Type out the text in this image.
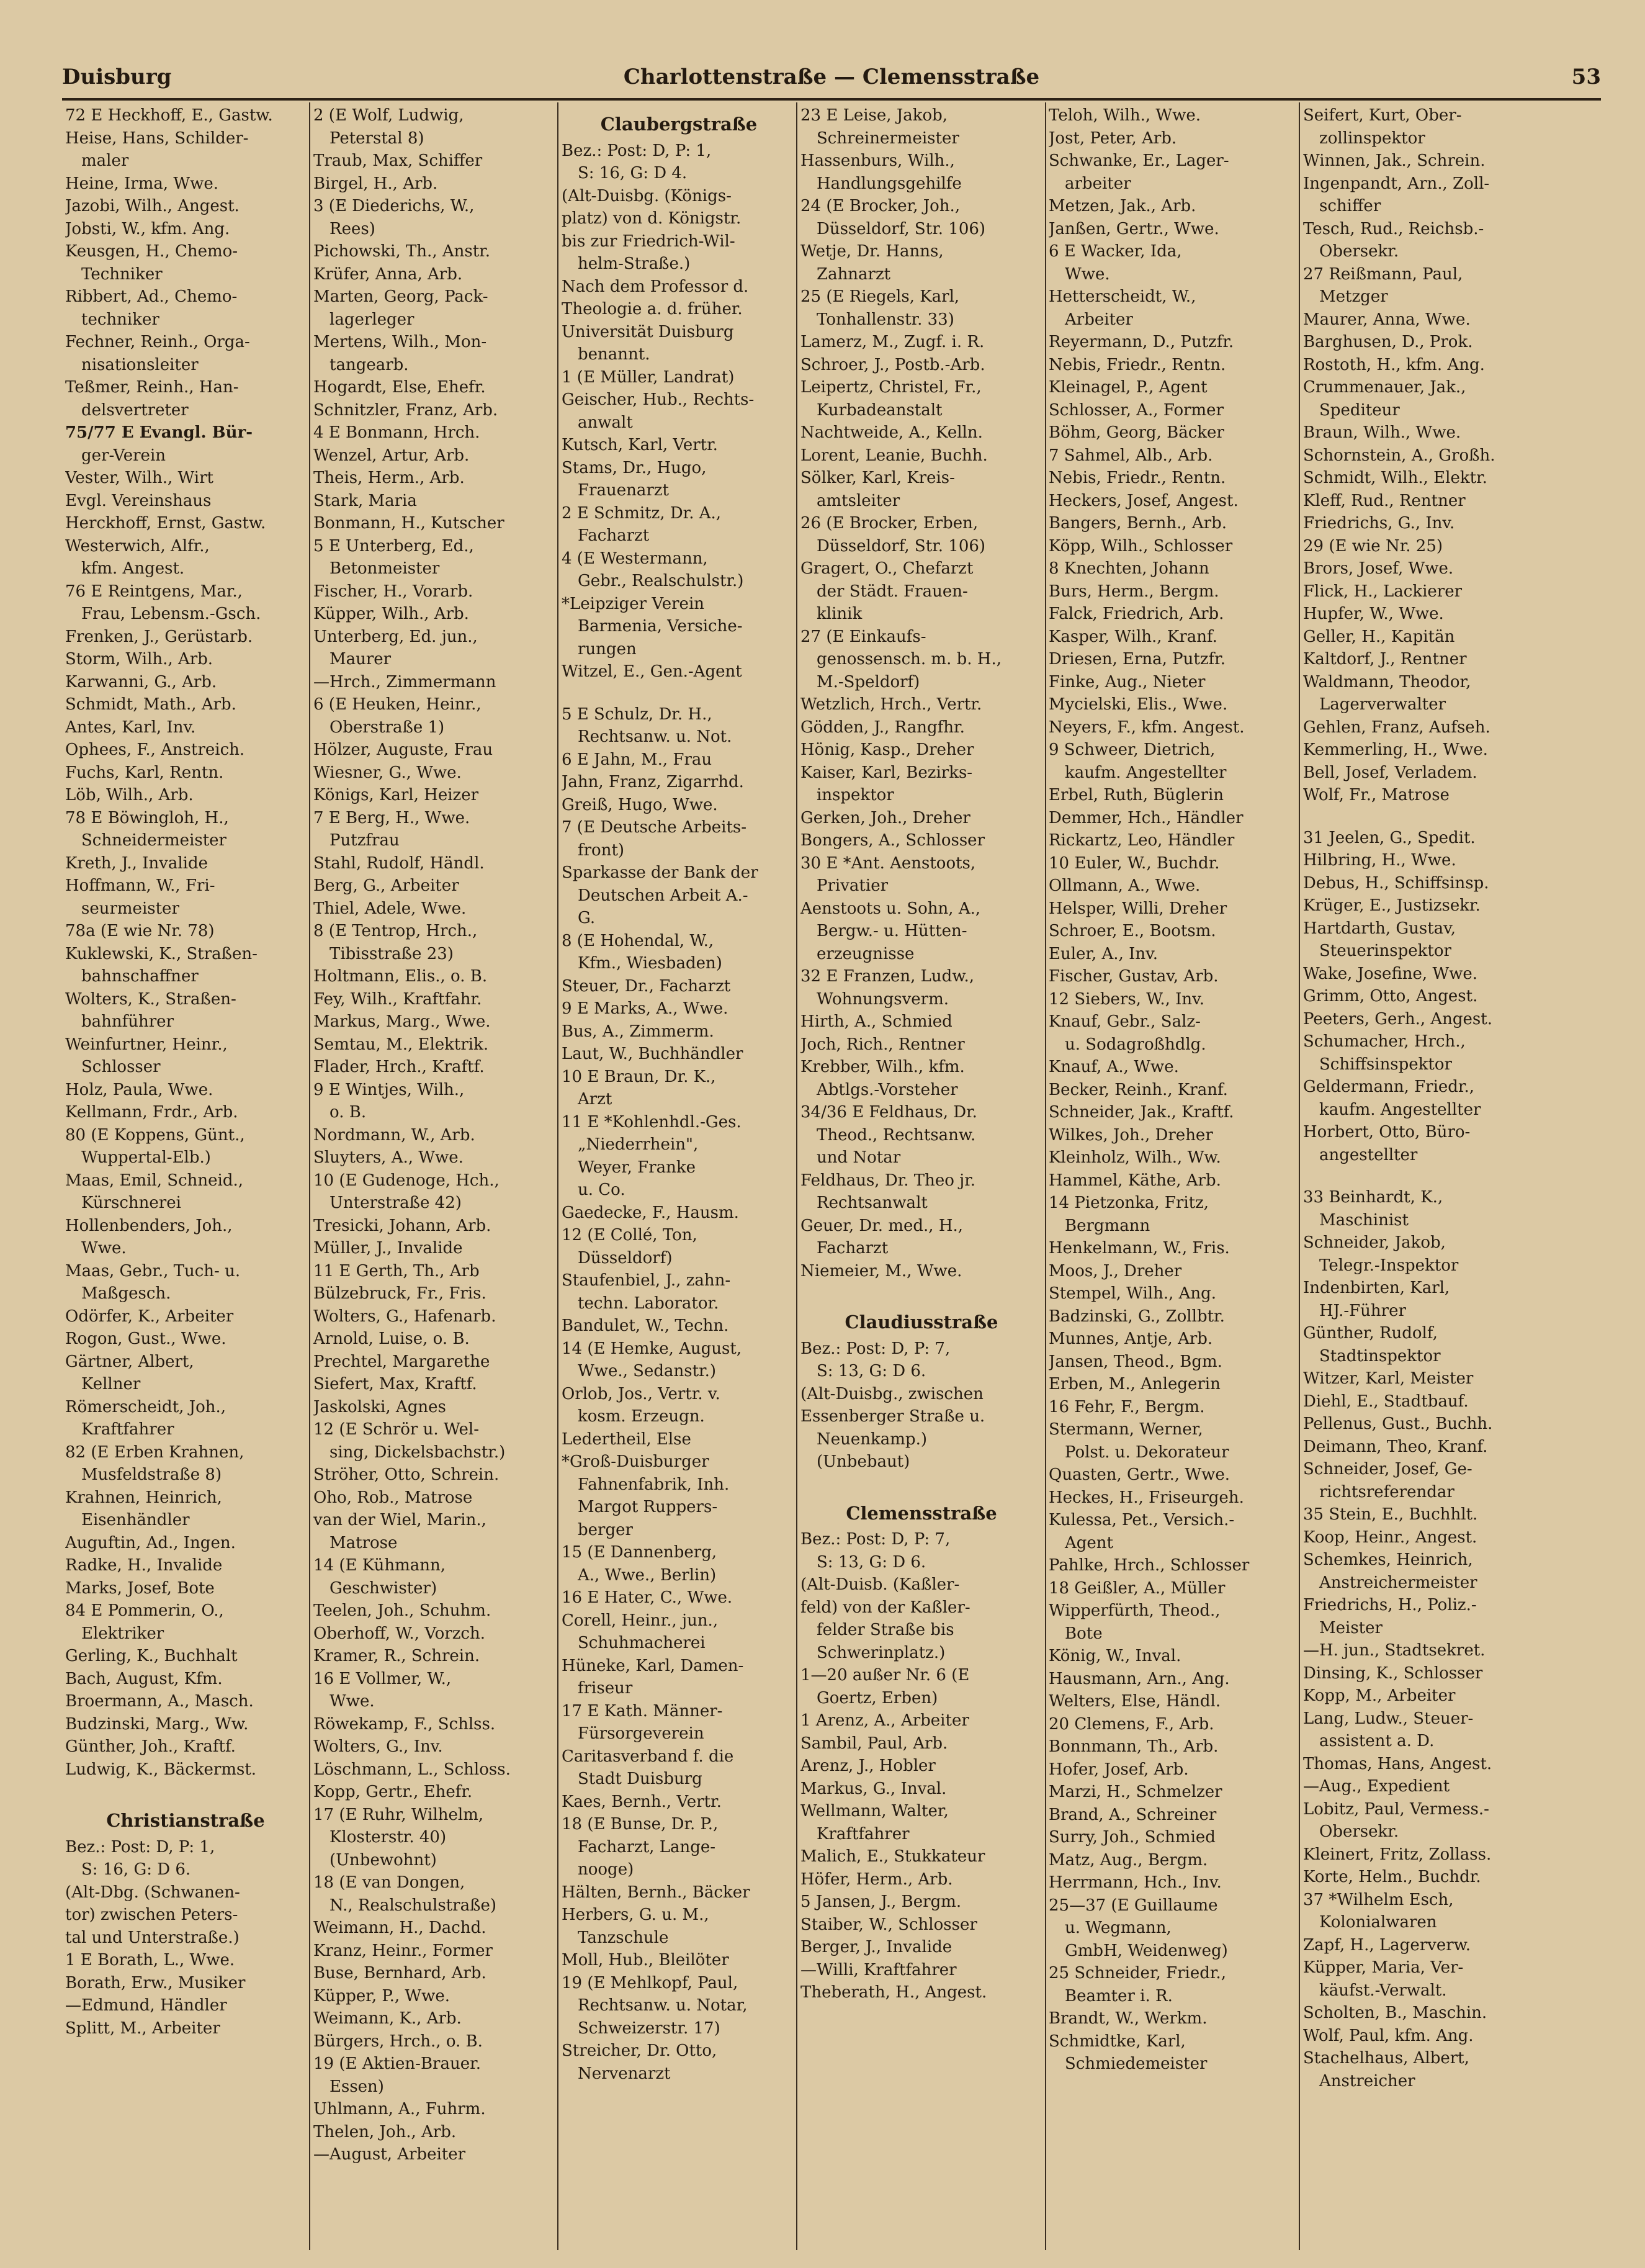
Duisburg	Charlottenstraße — Clemensstraße	53
72 E Heckhoff, E., Gastw.
Heise, Hans, Schilder-
maler
Heine, Irma, Wwe.
Jazobi, Wilh., Angest.
Jobsti, W., kfm. Ang.
Keusgen, H., Chemo-
Techniker
Ribbert, Ad., Chemo-
techniker
Fechner, Reinh., Orga-
nisationsleiter
Teßmer, Reinh., Han-
delsvertreter
75/77 E Evangl. Bür-
ger-Verein
Vester, Wilh., Wirt
Evgl. Vereinshaus
Herckhoff, Ernst, Gastw.
Westerwich, Alfr.,
kfm. Angest.
76 E Reintgens, Mar.,
Frau, Lebensm.-Gsch.
Frenken, J., Gerüstarb.
Storm, Wilh., Arb.
Karwanni, G., Arb.
Schmidt, Math., Arb.
Antes, Karl, Inv.
Ophees, F., Anstreich.
Fuchs, Karl, Rentn.
Löb, Wilh., Arb.
78 E Böwingloh, H.,
Schneidermeister
Kreth, J., Invalide
Hoffmann, W., Fri-
seurmeister
78a (E wie Nr. 78)
Kuklewski, K., Straßen-
bahnschaffner
Wolters, K., Straßen-
bahnführer
Weinfurtner, Heinr.,
Schlosser
Holz, Paula, Wwe.
Kellmann, Frdr., Arb.
80 (E Koppens, Günt.,
Wuppertal-Elb.)
Maas, Emil, Schneid.,
Kürschnerei
Hollenbenders, Joh.,
Wwe.
Maas, Gebr., Tuch- u.
Maßgesch.
Odörfer, K., Arbeiter
Rogon, Gust., Wwe.
Gärtner, Albert,
Kellner
Römerscheidt, Joh.,
Kraftfahrer
82 (E Erben Krahnen,
Musfeldstraße 8)
Krahnen, Heinrich,
Eisenhändler
Auguftin, Ad., Ingen.
Radke, H., Invalide
Marks, Josef, Bote
84 E Pommerin, O.,
Elektriker
Gerling, K., Buchhalt
Bach, August, Kfm.
Broermann, A., Masch.
Budzinski, Marg., Ww.
Günther, Joh., Kraftf.
Ludwig, K., Bäckermst.
Christianstraße
Bez.: Post: D, P: 1,
S: 16, G: D 6.
(Alt-Dbg. (Schwanen-
tor) zwischen Peters-
tal und Unterstraße.)
1 E Borath, L., Wwe.
Borath, Erw., Musiker
—Edmund, Händler
Splitt, M., Arbeiter
2 (E Wolf, Ludwig,
Peterstal 8)
Traub, Max, Schiffer
Birgel, H., Arb.
3 (E Diederichs, W.,
Rees)
Pichowski, Th., Anstr.
Krüfer, Anna, Arb.
Marten, Georg, Pack-
lagerleger
Mertens, Wilh., Mon-
tangearb.
Hogardt, Else, Ehefr.
Schnitzler, Franz, Arb.
4 E Bonmann, Hrch.
Wenzel, Artur, Arb.
Theis, Herm., Arb.
Stark, Maria
Bonmann, H., Kutscher
5 E Unterberg, Ed.,
Betonmeister
Fischer, H., Vorarb.
Küpper, Wilh., Arb.
Unterberg, Ed. jun.,
Maurer
—Hrch., Zimmermann
6 (E Heuken, Heinr.,
Oberstraße 1)
Hölzer, Auguste, Frau
Wiesner, G., Wwe.
Königs, Karl, Heizer
7 E Berg, H., Wwe.
Putzfrau
Stahl, Rudolf, Händl.
Berg, G., Arbeiter
Thiel, Adele, Wwe.
8 (E Tentrop, Hrch.,
Tibisstraße 23)
Holtmann, Elis., o. B.
Fey, Wilh., Kraftfahr.
Markus, Marg., Wwe.
Semtau, M., Elektrik.
Flader, Hrch., Kraftf.
9 E Wintjes, Wilh.,
o. B.
Nordmann, W., Arb.
Sluyters, A., Wwe.
10 (E Gudenoge, Hch.,
Unterstraße 42)
Tresicki, Johann, Arb.
Müller, J., Invalide
11 E Gerth, Th., Arb
Bülzebruck, Fr., Fris.
Wolters, G., Hafenarb.
Arnold, Luise, o. B.
Prechtel, Margarethe
Siefert, Max, Kraftf.
Jaskolski, Agnes
12 (E Schrör u. Wel-
sing, Dickelsbachstr.)
Ströher, Otto, Schrein.
Oho, Rob., Matrose
van der Wiel, Marin.,
Matrose
14 (E Kühmann,
Geschwister)
Teelen, Joh., Schuhm.
Oberhoff, W., Vorzch.
Kramer, R., Schrein.
16 E Vollmer, W.,
Wwe.
Röwekamp, F., Schlss.
Wolters, G., Inv.
Löschmann, L., Schloss.
Kopp, Gertr., Ehefr.
17 (E Ruhr, Wilhelm,
Klosterstr. 40)
(Unbewohnt)
18 (E van Dongen,
N., Realschulstraße)
Weimann, H., Dachd.
Kranz, Heinr., Former
Buse, Bernhard, Arb.
Küpper, P., Wwe.
Weimann, K., Arb.
Bürgers, Hrch., o. B.
19 (E Aktien-Brauer.
Essen)
Uhlmann, A., Fuhrm.
Thelen, Joh., Arb.
—August, Arbeiter
Claubergstraße
Bez.: Post: D, P: 1,
S: 16, G: D 4.
(Alt-Duisbg. (Königs-
platz) von d. Königstr.
bis zur Friedrich-Wil-
helm-Straße.)
Nach dem Professor d.
Theologie a. d. früher.
Universität Duisburg
benannt.
1 (E Müller, Landrat)
Geischer, Hub., Rechts-
anwalt
Kutsch, Karl, Vertr.
Stams, Dr., Hugo,
Frauenarzt
2 E Schmitz, Dr. A.,
Facharzt
4 (E Westermann,
Gebr., Realschulstr.)
*Leipziger Verein
Barmenia, Versiche-
rungen
Witzel, E., Gen.-Agent
5 E Schulz, Dr. H.,
Rechtsanw. u. Not.
6 E Jahn, M., Frau
Jahn, Franz, Zigarrhd.
Greiß, Hugo, Wwe.
7 (E Deutsche Arbeits-
front)
Sparkasse der Bank der
Deutschen Arbeit A.-
G.
8 (E Hohendal, W.,
Kfm., Wiesbaden)
Steuer, Dr., Facharzt
9 E Marks, A., Wwe.
Bus, A., Zimmerm.
Laut, W., Buchhändler
10 E Braun, Dr. K.,
Arzt
11 E *Kohlenhdl.-Ges.
„Niederrhein",
Weyer, Franke
u. Co.
Gaedecke, F., Hausm.
12 (E Collé, Ton,
Düsseldorf)
Staufenbiel, J., zahn-
techn. Laborator.
Bandulet, W., Techn.
14 (E Hemke, August,
Wwe., Sedanstr.)
Orlob, Jos., Vertr. v.
kosm. Erzeugn.
Ledertheil, Else
*Groß-Duisburger
Fahnenfabrik, Inh.
Margot Ruppers-
berger
15 (E Dannenberg,
A., Wwe., Berlin)
16 E Hater, C., Wwe.
Corell, Heinr., jun.,
Schuhmacherei
Hüneke, Karl, Damen-
friseur
17 E Kath. Männer-
Fürsorgeverein
Caritasverband f. die
Stadt Duisburg
Kaes, Bernh., Vertr.
18 (E Bunse, Dr. P.,
Facharzt, Lange-
nooge)
Hälten, Bernh., Bäcker
Herbers, G. u. M.,
Tanzschule
Moll, Hub., Bleilöter
19 (E Mehlkopf, Paul,
Rechtsanw. u. Notar,
Schweizerstr. 17)
Streicher, Dr. Otto,
Nervenarzt
23 E Leise, Jakob,
Schreinermeister
Hassenburs, Wilh.,
Handlungsgehilfe
24 (E Brocker, Joh.,
Düsseldorf, Str. 106)
Wetje, Dr. Hanns,
Zahnarzt
25 (E Riegels, Karl,
Tonhallenstr. 33)
Lamerz, M., Zugf. i. R.
Schroer, J., Postb.-Arb.
Leipertz, Christel, Fr.,
Kurbadeanstalt
Nachtweide, A., Kelln.
Lorent, Leanie, Buchh.
Sölker, Karl, Kreis-
amtsleiter
26 (E Brocker, Erben,
Düsseldorf, Str. 106)
Gragert, O., Chefarzt
der Städt. Frauen-
klinik
27 (E Einkaufs-
genossensch. m. b. H.,
M.-Speldorf)
Wetzlich, Hrch., Vertr.
Gödden, J., Rangfhr.
Hönig, Kasp., Dreher
Kaiser, Karl, Bezirks-
inspektor
Gerken, Joh., Dreher
Bongers, A., Schlosser
30 E *Ant. Aenstoots,
Privatier
Aenstoots u. Sohn, A.,
Bergw.- u. Hütten-
erzeugnisse
32 E Franzen, Ludw.,
Wohnungsverm.
Hirth, A., Schmied
Joch, Rich., Rentner
Krebber, Wilh., kfm.
Abtlgs.-Vorsteher
34/36 E Feldhaus, Dr.
Theod., Rechtsanw.
und Notar
Feldhaus, Dr. Theo jr.
Rechtsanwalt
Geuer, Dr. med., H.,
Facharzt
Niemeier, M., Wwe.
Claudiusstraße
Bez.: Post: D, P: 7,
S: 13, G: D 6.
(Alt-Duisbg., zwischen
Essenberger Straße u.
Neuenkamp.)
(Unbebaut)
Clemensstraße
Bez.: Post: D, P: 7,
S: 13, G: D 6.
(Alt-Duisb. (Kaßler-
feld) von der Kaßler-
felder Straße bis
Schwerinplatz.)
1—20 außer Nr. 6 (E
Goertz, Erben)
1 Arenz, A., Arbeiter
Sambil, Paul, Arb.
Arenz, J., Hobler
Markus, G., Inval.
Wellmann, Walter,
Kraftfahrer
Malich, E., Stukkateur
Höfer, Herm., Arb.
5 Jansen, J., Bergm.
Staiber, W., Schlosser
Berger, J., Invalide
—Willi, Kraftfahrer
Theberath, H., Angest.
Teloh, Wilh., Wwe.
Jost, Peter, Arb.
Schwanke, Er., Lager-
arbeiter
Metzen, Jak., Arb.
Janßen, Gertr., Wwe.
6 E Wacker, Ida,
Wwe.
Hetterscheidt, W.,
Arbeiter
Reyermann, D., Putzfr.
Nebis, Friedr., Rentn.
Kleinagel, P., Agent
Schlosser, A., Former
Böhm, Georg, Bäcker
7 Sahmel, Alb., Arb.
Nebis, Friedr., Rentn.
Heckers, Josef, Angest.
Bangers, Bernh., Arb.
Köpp, Wilh., Schlosser
8 Knechten, Johann
Burs, Herm., Bergm.
Falck, Friedrich, Arb.
Kasper, Wilh., Kranf.
Driesen, Erna, Putzfr.
Finke, Aug., Nieter
Mycielski, Elis., Wwe.
Neyers, F., kfm. Angest.
9 Schweer, Dietrich,
kaufm. Angestellter
Erbel, Ruth, Büglerin
Demmer, Hch., Händler
Rickartz, Leo, Händler
10 Euler, W., Buchdr.
Ollmann, A., Wwe.
Helsper, Willi, Dreher
Schroer, E., Bootsm.
Euler, A., Inv.
Fischer, Gustav, Arb.
12 Siebers, W., Inv.
Knauf, Gebr., Salz-
u. Sodagroßhdlg.
Knauf, A., Wwe.
Becker, Reinh., Kranf.
Schneider, Jak., Kraftf.
Wilkes, Joh., Dreher
Kleinholz, Wilh., Ww.
Hammel, Käthe, Arb.
14 Pietzonka, Fritz,
Bergmann
Henkelmann, W., Fris.
Moos, J., Dreher
Stempel, Wilh., Ang.
Badzinski, G., Zollbtr.
Munnes, Antje, Arb.
Jansen, Theod., Bgm.
Erben, M., Anlegerin
16 Fehr, F., Bergm.
Stermann, Werner,
Polst. u. Dekorateur
Quasten, Gertr., Wwe.
Heckes, H., Friseurgeh.
Kulessa, Pet., Versich.-
Agent
Pahlke, Hrch., Schlosser
18 Geißler, A., Müller
Wipperfürth, Theod.,
Bote
König, W., Inval.
Hausmann, Arn., Ang.
Welters, Else, Händl.
20 Clemens, F., Arb.
Bonnmann, Th., Arb.
Hofer, Josef, Arb.
Marzi, H., Schmelzer
Brand, A., Schreiner
Surry, Joh., Schmied
Matz, Aug., Bergm.
Herrmann, Hch., Inv.
25—37 (E Guillaume
u. Wegmann,
GmbH, Weidenweg)
25 Schneider, Friedr.,
Beamter i. R.
Brandt, W., Werkm.
Schmidtke, Karl,
Schmiedemeister
Seifert, Kurt, Ober-
zollinspektor
Winnen, Jak., Schrein.
Ingenpandt, Arn., Zoll-
schiffer
Tesch, Rud., Reichsb.-
Obersekr.
27 Reißmann, Paul,
Metzger
Maurer, Anna, Wwe.
Barghusen, D., Prok.
Rostoth, H., kfm. Ang.
Crummenauer, Jak.,
Spediteur
Braun, Wilh., Wwe.
Schornstein, A., Großh.
Schmidt, Wilh., Elektr.
Kleff, Rud., Rentner
Friedrichs, G., Inv.
29 (E wie Nr. 25)
Brors, Josef, Wwe.
Flick, H., Lackierer
Hupfer, W., Wwe.
Geller, H., Kapitän
Kaltdorf, J., Rentner
Waldmann, Theodor,
Lagerverwalter
Gehlen, Franz, Aufseh.
Kemmerling, H., Wwe.
Bell, Josef, Verladem.
Wolf, Fr., Matrose
31 Jeelen, G., Spedit.
Hilbring, H., Wwe.
Debus, H., Schiffsinsp.
Krüger, E., Justizsekr.
Hartdarth, Gustav,
Steuerinspektor
Wake, Josefine, Wwe.
Grimm, Otto, Angest.
Peeters, Gerh., Angest.
Schumacher, Hrch.,
Schiffsinspektor
Geldermann, Friedr.,
kaufm. Angestellter
Horbert, Otto, Büro-
angestellter
33 Beinhardt, K.,
Maschinist
Schneider, Jakob,
Telegr.-Inspektor
Indenbirten, Karl,
HJ.-Führer
Günther, Rudolf,
Stadtinspektor
Witzer, Karl, Meister
Diehl, E., Stadtbauf.
Pellenus, Gust., Buchh.
Deimann, Theo, Kranf.
Schneider, Josef, Ge-
richtsreferendar
35 Stein, E., Buchhlt.
Koop, Heinr., Angest.
Schemkes, Heinrich,
Anstreichermeister
Friedrichs, H., Poliz.-
Meister
—H. jun., Stadtsekret.
Dinsing, K., Schlosser
Kopp, M., Arbeiter
Lang, Ludw., Steuer-
assistent a. D.
Thomas, Hans, Angest.
—Aug., Expedient
Lobitz, Paul, Vermess.-
Obersekr.
Kleinert, Fritz, Zollass.
Korte, Helm., Buchdr.
37 *Wilhelm Esch,
Kolonialwaren
Zapf, H., Lagerverw.
Küpper, Maria, Ver-
käufst.-Verwalt.
Scholten, B., Maschin.
Wolf, Paul, kfm. Ang.
Stachelhaus, Albert,
Anstreicher
